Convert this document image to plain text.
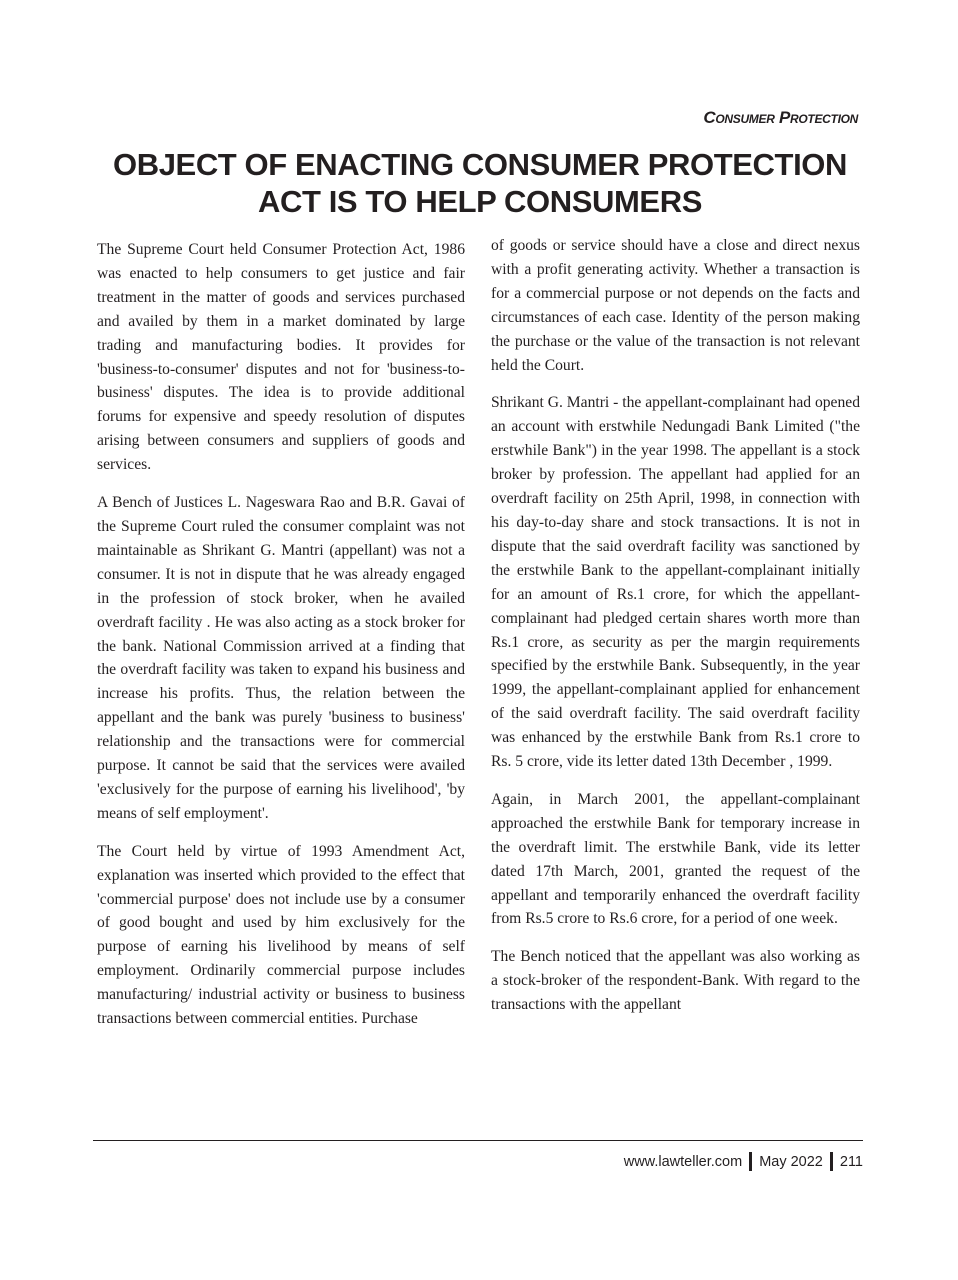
Consumer Protection
OBJECT OF ENACTING CONSUMER PROTECTION
ACT IS TO HELP CONSUMERS

The Supreme Court held Consumer Protection Act, 1986 was enacted to help consumers to get justice and fair treatment in the matter of goods and services purchased and availed by them in a market dominated by large trading and manufacturing bodies. It provides for 'business-to-consumer' disputes and not for 'business-to-business' disputes. The idea is to provide additional forums for expensive and speedy resolution of disputes arising between consumers and suppliers of goods and services.

A Bench of Justices L. Nageswara Rao and B.R. Gavai of the Supreme Court ruled the consumer complaint was not maintainable as Shrikant G. Mantri (appellant) was not a consumer. It is not in dispute that he was already engaged in the profession of stock broker, when he availed overdraft facility . He was also acting as a stock broker for the bank. National Commission arrived at a finding that the overdraft facility was taken to expand his business and increase his profits. Thus, the relation between the appellant and the bank was purely 'business to business' relationship and the transactions were for commercial purpose. It cannot be said that the services were availed 'exclusively for the purpose of earning his livelihood', 'by means of self employment'.

The Court held by virtue of 1993 Amendment Act, explanation was inserted which provided to the effect that 'commercial purpose' does not include use by a consumer of good bought and used by him exclusively for the purpose of earning his livelihood by means of self employment. Ordinarily commercial purpose includes manufacturing/ industrial activity or business to business transactions between commercial entities. Purchase

of goods or service should have a close and direct nexus with a profit generating activity. Whether a transaction is for a commercial purpose or not depends on the facts and circumstances of each case. Identity of the person making the purchase or the value of the transaction is not relevant held the Court.

Shrikant G. Mantri - the appellant-complainant had opened an account with erstwhile Nedungadi Bank Limited ("the erstwhile Bank") in the year 1998. The appellant is a stock broker by profession. The appellant had applied for an overdraft facility on 25th April, 1998, in connection with his day-to-day share and stock transactions. It is not in dispute that the said overdraft facility was sanctioned by the erstwhile Bank to the appellant-complainant initially for an amount of Rs.1 crore, for which the appellant-complainant had pledged certain shares worth more than Rs.1 crore, as security as per the margin requirements specified by the erstwhile Bank. Subsequently, in the year 1999, the appellant-complainant applied for enhancement of the said overdraft facility. The said overdraft facility was enhanced by the erstwhile Bank from Rs.1 crore to Rs. 5 crore, vide its letter dated 13th December , 1999.

Again, in March 2001, the appellant-complainant approached the erstwhile Bank for temporary increase in the overdraft limit. The erstwhile Bank, vide its letter dated 17th March, 2001, granted the request of the appellant and temporarily enhanced the overdraft facility from Rs.5 crore to Rs.6 crore, for a period of one week.

The Bench noticed that the appellant was also working as a stock-broker of the respondent-Bank. With regard to the transactions with the appellant

www.lawteller.com May 2022 211
